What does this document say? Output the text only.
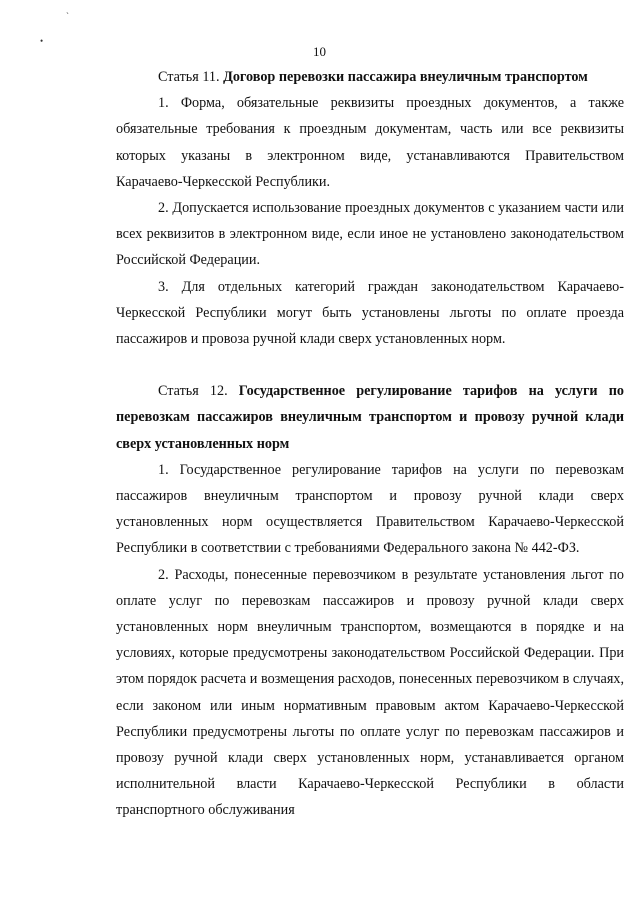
ˏ
•
10

Статья 11. Договор перевозки пассажира внеуличным транспортом

1. Форма, обязательные реквизиты проездных документов, а также обязательные требования к проездным документам, часть или все реквизиты которых указаны в электронном виде, устанавливаются Правительством Карачаево-Черкесской Республики.

2. Допускается использование проездных документов с указанием части или всех реквизитов в электронном виде, если иное не установлено законодательством Российской Федерации.

3. Для отдельных категорий граждан законодательством Карачаево-Черкесской Республики могут быть установлены льготы по оплате проезда пассажиров и провоза ручной клади сверх установленных норм.

Статья 12. Государственное регулирование тарифов на услуги по перевозкам пассажиров внеуличным транспортом и провозу ручной клади сверх установленных норм

1. Государственное регулирование тарифов на услуги по перевозкам пассажиров внеуличным транспортом и провозу ручной клади сверх установленных норм осуществляется Правительством Карачаево-Черкесской Республики в соответствии с требованиями Федерального закона № 442-ФЗ.

2. Расходы, понесенные перевозчиком в результате установления льгот по оплате услуг по перевозкам пассажиров и провозу ручной клади сверх установленных норм внеуличным транспортом, возмещаются в порядке и на условиях, которые предусмотрены законодательством Российской Федерации. При этом порядок расчета и возмещения расходов, понесенных перевозчиком в случаях, если законом или иным нормативным правовым актом Карачаево-Черкесской Республики предусмотрены льготы по оплате услуг по перевозкам пассажиров и провозу ручной клади сверх установленных норм, устанавливается органом исполнительной власти Карачаево-Черкесской Республики в области транспортного обслуживания
